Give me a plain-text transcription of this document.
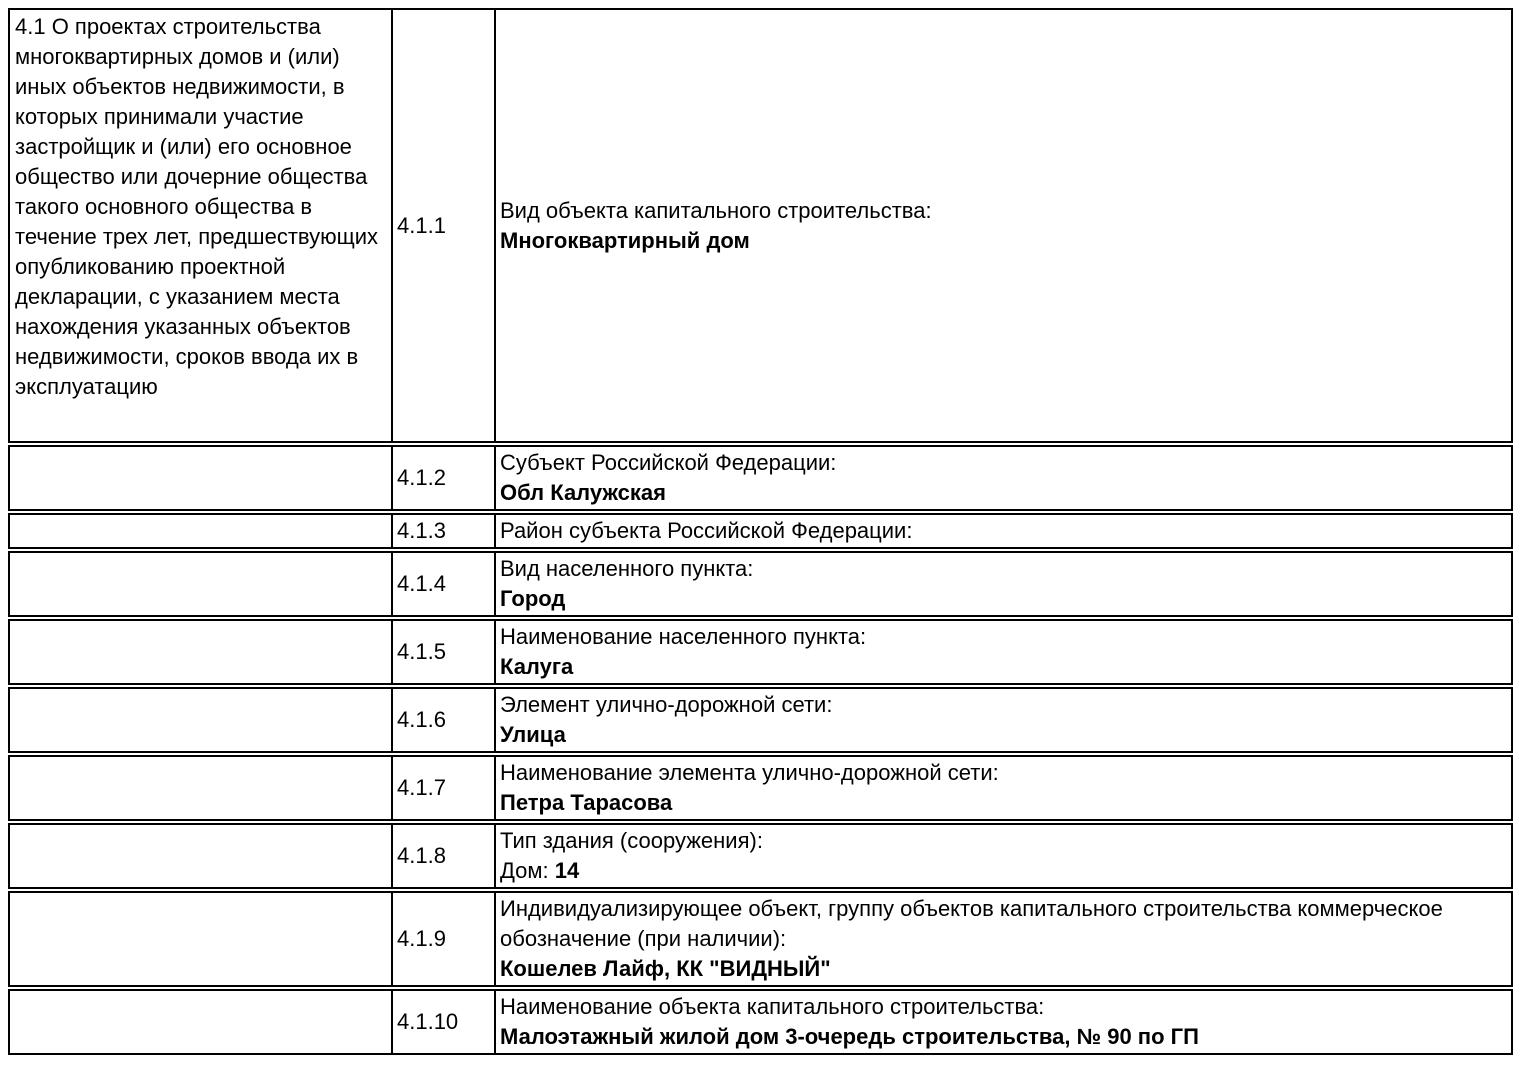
4.1 О проектах строительства многоквартирных домов и (или) иных объектов недвижимости, в которых принимали участие застройщик и (или) его основное общество или дочерние общества такого основного общества в течение трех лет, предшествующих опубликованию проектной декларации, с указанием места нахождения указанных объектов недвижимости, сроков ввода их в эксплуатацию
4.1.1
Вид объекта капитального строительства:
Многоквартирный дом
4.1.2
Субъект Российской Федерации:
Обл Калужская
4.1.3 Район субъекта Российской Федерации:
4.1.4
Вид населенного пункта:
Город
4.1.5
Наименование населенного пункта:
Калуга
4.1.6
Элемент улично-дорожной сети:
Улица
4.1.7
Наименование элемента улично-дорожной сети:
Петра Тарасова
4.1.8
Тип здания (сооружения):
Дом: 14
4.1.9
Индивидуализирующее объект, группу объектов капитального строительства коммерческое обозначение (при наличии):
Кошелев Лайф, КК "ВИДНЫЙ"
4.1.10
Наименование объекта капитального строительства:
Малоэтажный жилой дом 3-очередь строительства, № 90 по ГП
